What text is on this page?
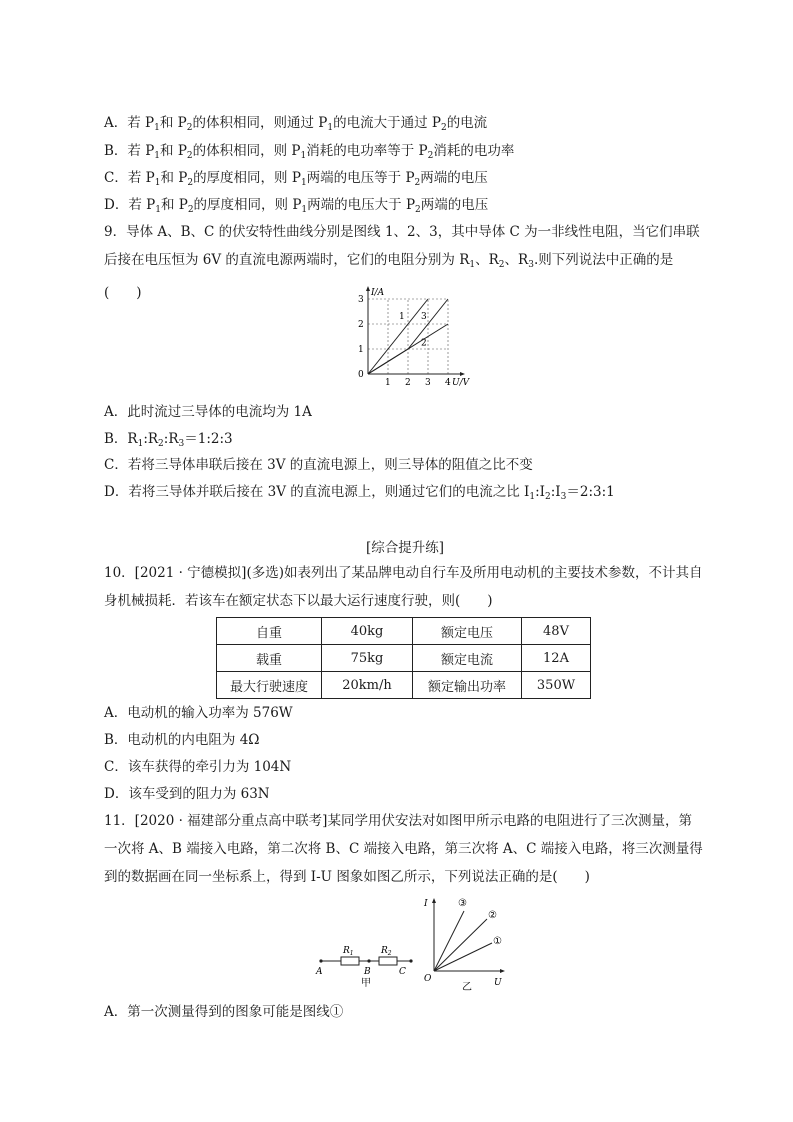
A．若 $P_1$和 $P_2$的体积相同，则通过 $P_1$的电流大于通过 $P_2$的电流
B．若 $P_1$和 $P_2$的体积相同，则 $P_1$消耗的电功率等于 $P_2$消耗的电功率
C．若 $P_1$和 $P_2$的厚度相同，则 $P_1$两端的电压等于 $P_2$两端的电压
D．若 $P_1$和 $P_2$的厚度相同，则 $P_1$两端的电压大于 $P_2$两端的电压
9．导体 A、B、C 的伏安特性曲线分别是图线 1、2、3，其中导体 C 为一非线性电阻，当它们串联后接在电压恒为 6V 的直流电源两端时，它们的电阻分别为 $R_1$、$R_2$、$R_3$.则下列说法中正确的是(　　)
1
2
3
1 2 3 4
1
2
3
0
U/V
I/A
A．此时流过三导体的电流均为 1A
B．$R_1:R_2:R_3=1:2:3$
C．若将三导体串联后接在 3V 的直流电源上，则三导体的阻值之比不变
D．若将三导体并联后接在 3V 的直流电源上，则通过它们的电流之比 $I_1:I_2:I_3=2:3:1$
[综合提升练]
10．[2021 · 宁德模拟](多选)如表列出了某品牌电动自行车及所用电动机的主要技术参数，不计其自身机械损耗．若该车在额定状态下以最大运行速度行驶，则(　　)
自重	40kg	额定电压	48V
载重	75kg	额定电流	12A
最大行驶速度	20km/h	额定输出功率	350W
A．电动机的输入功率为 576W
B．电动机的内电阻为 4Ω
C．该车获得的牵引力为 104N
D．该车受到的阻力为 63N
11．[2020 · 福建部分重点高中联考]某同学用伏安法对如图甲所示电路的电阻进行了三次测量，第一次将 A、B 端接入电路，第二次将 B、C 端接入电路，第三次将 A、C 端接入电路，将三次测量得到的数据画在同一坐标系上，得到 I-U 图象如图乙所示，下列说法正确的是(　　)
$R_1$	$R_2$
A	B	C
甲
I
U
O
③
②
①
乙
A．第一次测量得到的图象可能是图线①
